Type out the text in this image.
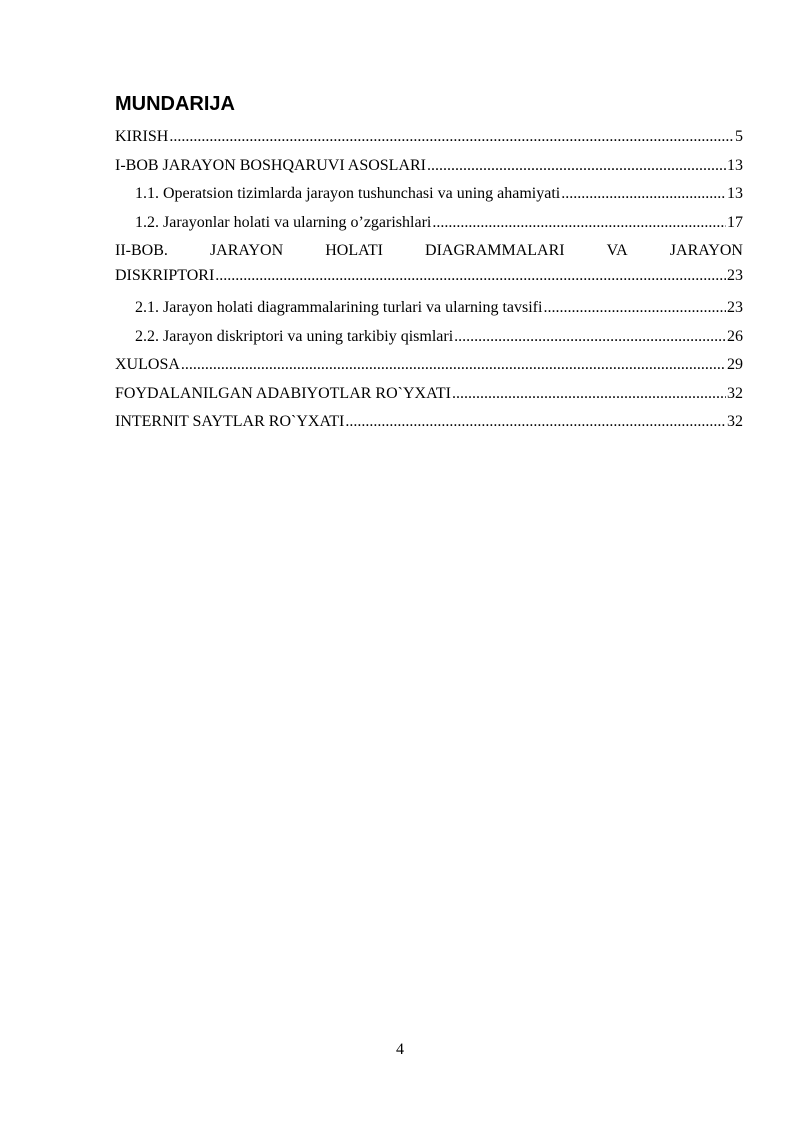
MUNDARIJA
KIRISH .....	5
I-BOB JARAYON BOSHQARUVI ASOSLARI .....	13
1.1. Operatsion tizimlarda jarayon tushunchasi va uning ahamiyati .....	13
1.2. Jarayonlar holati va ularning o’zgarishlari .....	17
II-BOB.	JARAYON	HOLATI	DIAGRAMMALARI	VA	JARAYON
DISKRIPTORI .....	23
2.1. Jarayon holati diagrammalarining turlari va ularning tavsifi .....	23
2.2. Jarayon diskriptori va uning tarkibiy qismlari .....	26
XULOSA .....	29
FOYDALANILGAN ADABIYOTLAR RO`YXATI .....	32
INTERNIT SAYTLAR RO`YXATI .....	32
4
